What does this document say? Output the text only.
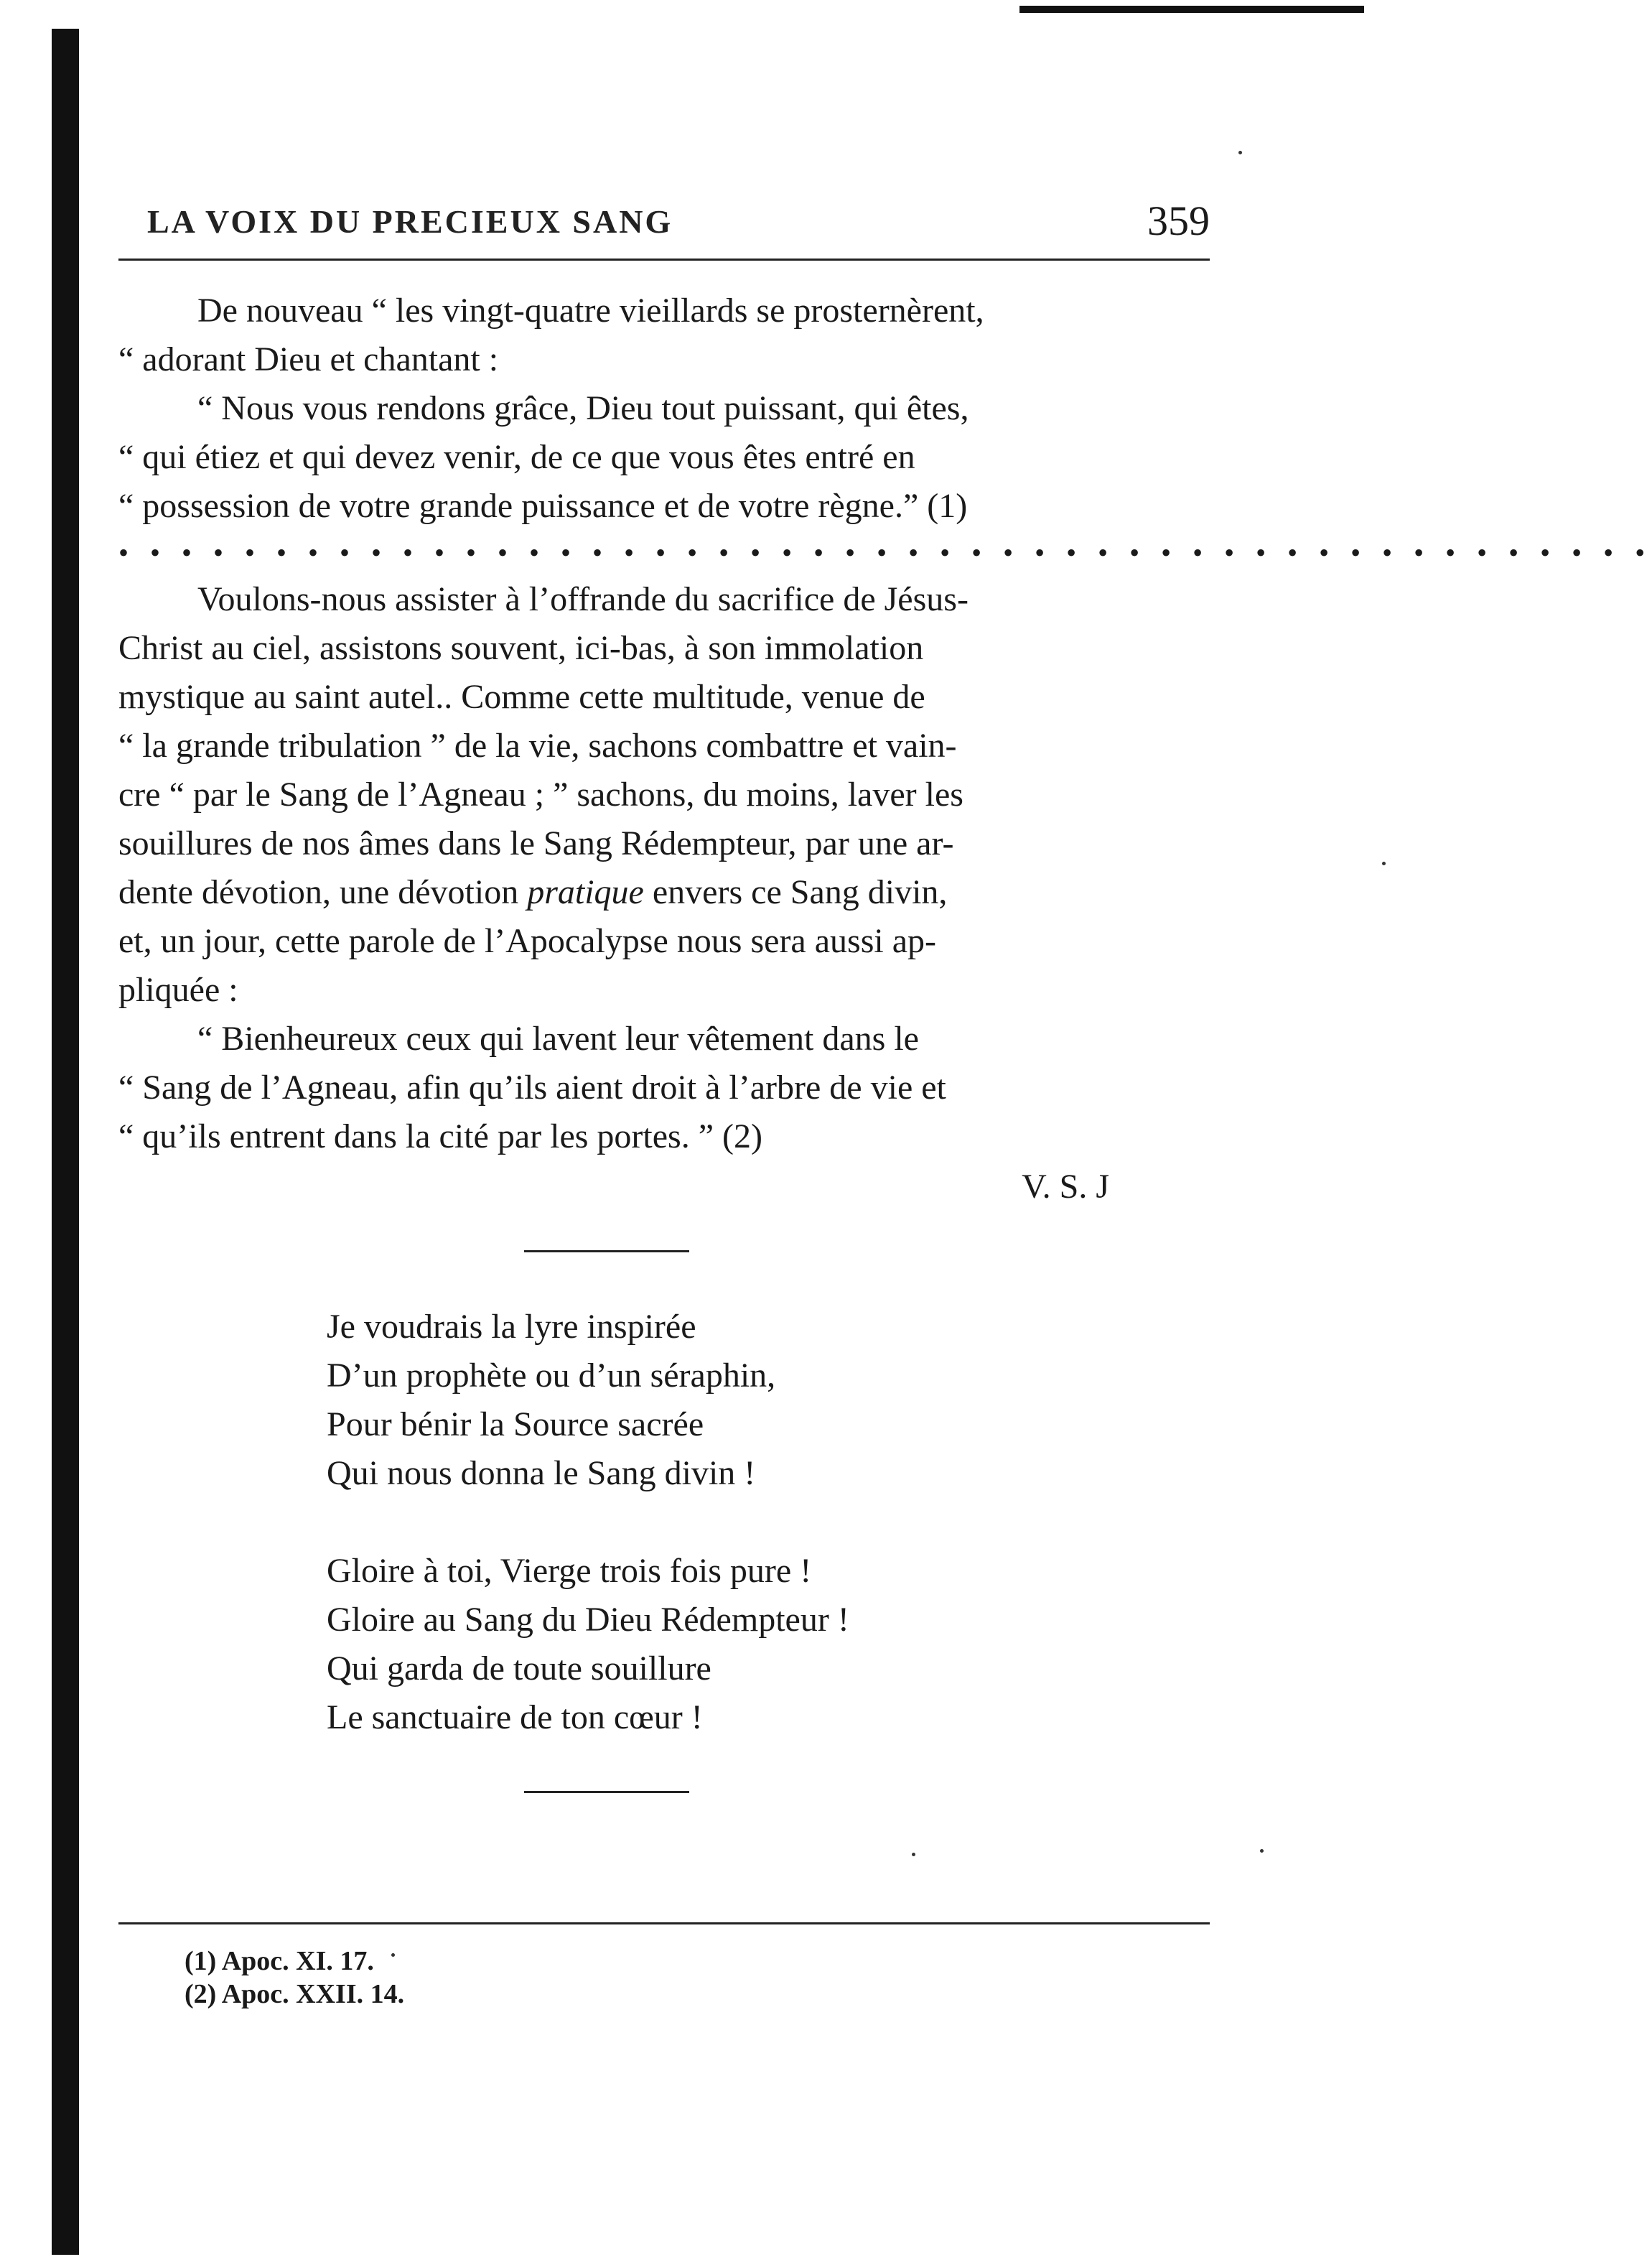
LA VOIX DU PRECIEUX SANG	359
De nouveau “ les vingt-quatre vieillards se prosternèrent,
“ adorant Dieu et chantant :
“ Nous vous rendons grâce, Dieu tout puissant, qui êtes,
“ qui étiez et qui devez venir, de ce que vous êtes entré en
“ possession de votre grande puissance et de votre règne.” (1)
• • • • • • • • • • • • • • • • • • • • • • • • • • • • • • • • • • • • • • • • • • • • • • • • •
Voulons-nous assister à l’offrande du sacrifice de Jésus-
Christ au ciel, assistons souvent, ici-bas, à son immolation
mystique au saint autel.. Comme cette multitude, venue de
“ la grande tribulation ” de la vie, sachons combattre et vain-
cre “ par le Sang de l’Agneau ; ” sachons, du moins, laver les
souillures de nos âmes dans le Sang Rédempteur, par une ar-
dente dévotion, une dévotion pratique envers ce Sang divin,
et, un jour, cette parole de l’Apocalypse nous sera aussi ap-
pliquée :
“ Bienheureux ceux qui lavent leur vêtement dans le
“ Sang de l’Agneau, afin qu’ils aient droit à l’arbre de vie et
“ qu’ils entrent dans la cité par les portes. ” (2)
V. S. J
Je voudrais la lyre inspirée
D’un prophète ou d’un séraphin,
Pour bénir la Source sacrée
Qui nous donna le Sang divin !
Gloire à toi, Vierge trois fois pure !
Gloire au Sang du Dieu Rédempteur !
Qui garda de toute souillure
Le sanctuaire de ton cœur !
(1) Apoc. XI. 17.
(2) Apoc. XXII. 14.
